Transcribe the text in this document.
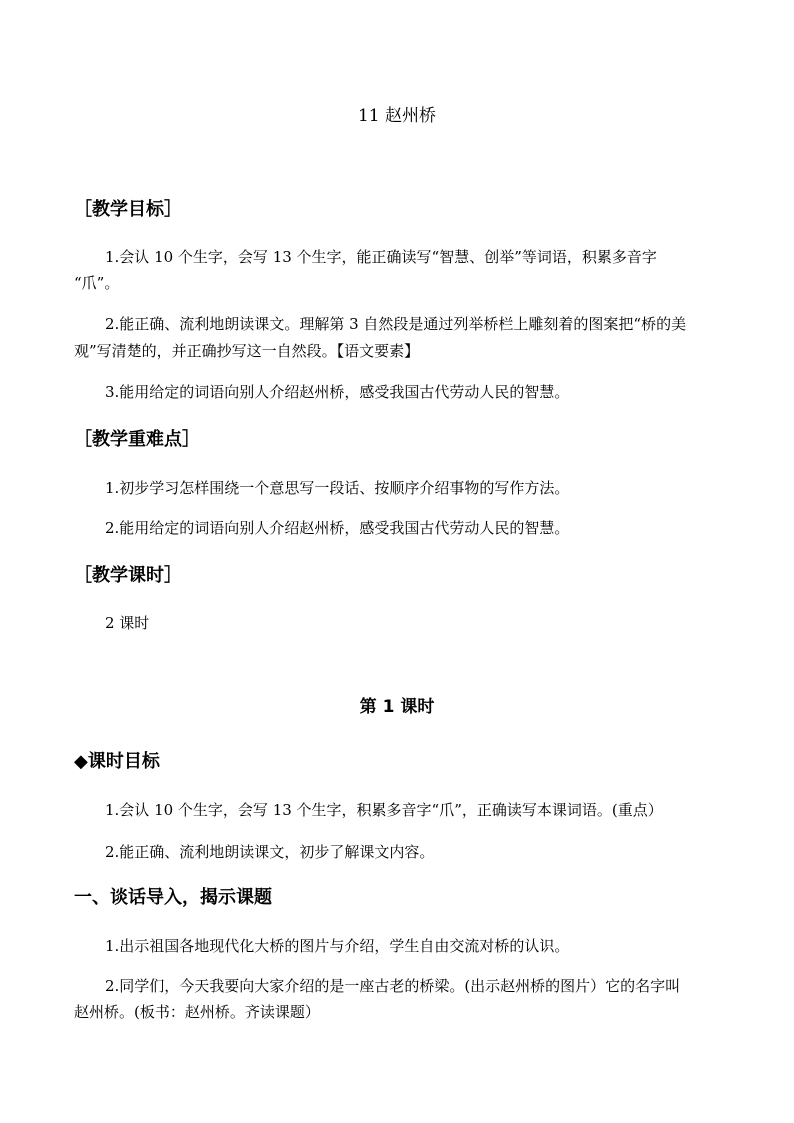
11 赵州桥
［教学目标］
1.会认 10 个生字，会写 13 个生字，能正确读写“智慧、创举”等词语，积累多音字
“爪”。
2.能正确、流利地朗读课文。理解第 3 自然段是通过列举桥栏上雕刻着的图案把“桥的美
观”写清楚的，并正确抄写这一自然段。【语文要素】
3.能用给定的词语向别人介绍赵州桥，感受我国古代劳动人民的智慧。
［教学重难点］
1.初步学习怎样围绕一个意思写一段话、按顺序介绍事物的写作方法。
2.能用给定的词语向别人介绍赵州桥，感受我国古代劳动人民的智慧。
［教学课时］
2 课时
第 1 课时
◆课时目标
1.会认 10 个生字，会写 13 个生字，积累多音字“爪”，正确读写本课词语。(重点）
2.能正确、流利地朗读课文，初步了解课文内容。
一、谈话导入，揭示课题
1.出示祖国各地现代化大桥的图片与介绍，学生自由交流对桥的认识。
2.同学们，今天我要向大家介绍的是一座古老的桥梁。(出示赵州桥的图片）它的名字叫
赵州桥。(板书：赵州桥。齐读课题）
